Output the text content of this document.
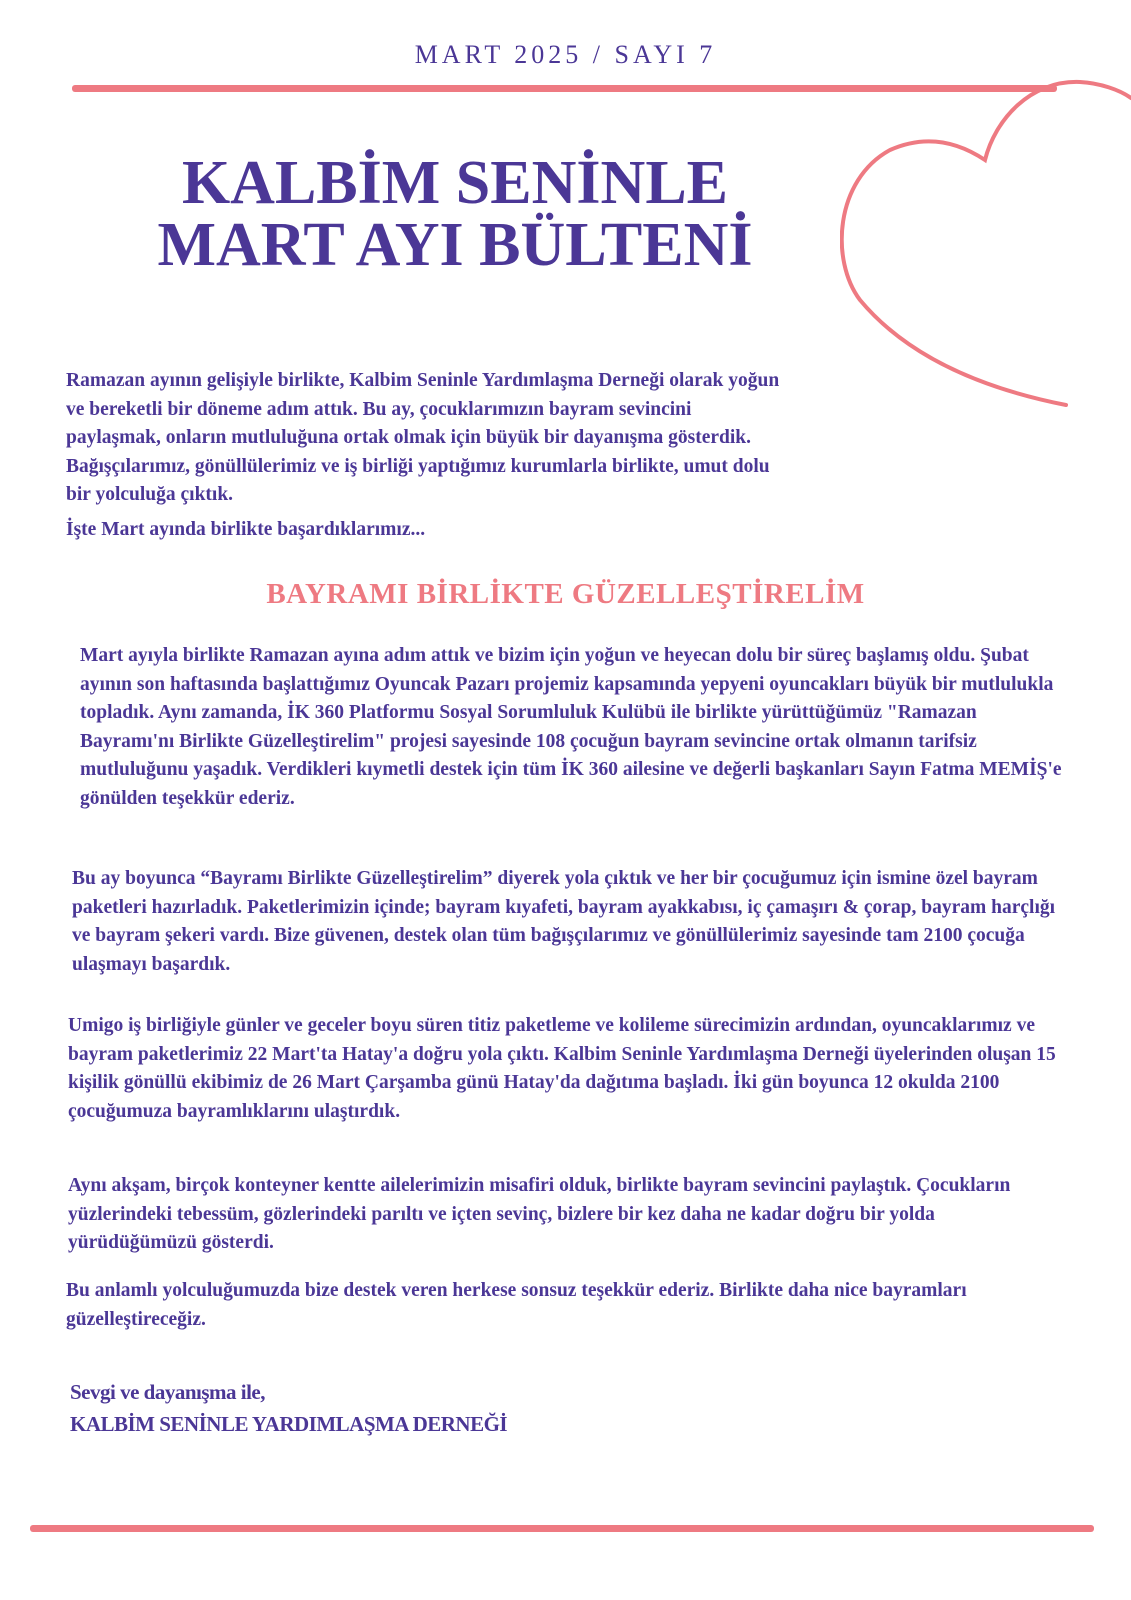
MART 2025 / SAYI 7
KALBİM SENİNLE
MART AYI BÜLTENİ

Ramazan ayının gelişiyle birlikte, Kalbim Seninle Yardımlaşma Derneği olarak yoğun ve bereketli bir döneme adım attık. Bu ay, çocuklarımızın bayram sevincini paylaşmak, onların mutluluğuna ortak olmak için büyük bir dayanışma gösterdik. Bağışçılarımız, gönüllülerimiz ve iş birliği yaptığımız kurumlarla birlikte, umut dolu bir yolculuğa çıktık.

İşte Mart ayında birlikte başardıklarımız...

BAYRAMI BİRLİKTE GÜZELLEŞTİRELİM

Mart ayıyla birlikte Ramazan ayına adım attık ve bizim için yoğun ve heyecan dolu bir süreç başlamış oldu. Şubat ayının son haftasında başlattığımız Oyuncak Pazarı projemiz kapsamında yepyeni oyuncakları büyük bir mutlulukla topladık. Aynı zamanda, İK 360 Platformu Sosyal Sorumluluk Kulübü ile birlikte yürüttüğümüz "Ramazan Bayramı'nı Birlikte Güzelleştirelim" projesi sayesinde 108 çocuğun bayram sevincine ortak olmanın tarifsiz mutluluğunu yaşadık. Verdikleri kıymetli destek için tüm İK 360 ailesine ve değerli başkanları Sayın Fatma MEMİŞ'e gönülden teşekkür ederiz.

Bu ay boyunca “Bayramı Birlikte Güzelleştirelim” diyerek yola çıktık ve her bir çocuğumuz için ismine özel bayram paketleri hazırladık. Paketlerimizin içinde; bayram kıyafeti, bayram ayakkabısı, iç çamaşırı & çorap, bayram harçlığı ve bayram şekeri vardı. Bize güvenen, destek olan tüm bağışçılarımız ve gönüllülerimiz sayesinde tam 2100 çocuğa ulaşmayı başardık.

Umigo iş birliğiyle günler ve geceler boyu süren titiz paketleme ve kolileme sürecimizin ardından, oyuncaklarımız ve bayram paketlerimiz 22 Mart'ta Hatay'a doğru yola çıktı. Kalbim Seninle Yardımlaşma Derneği üyelerinden oluşan 15 kişilik gönüllü ekibimiz de 26 Mart Çarşamba günü Hatay'da dağıtıma başladı. İki gün boyunca 12 okulda 2100 çocuğumuza bayramlıklarını ulaştırdık.

Aynı akşam, birçok konteyner kentte ailelerimizin misafiri olduk, birlikte bayram sevincini paylaştık. Çocukların yüzlerindeki tebessüm, gözlerindeki parıltı ve içten sevinç, bizlere bir kez daha ne kadar doğru bir yolda yürüdüğümüzü gösterdi.

Bu anlamlı yolculuğumuzda bize destek veren herkese sonsuz teşekkür ederiz. Birlikte daha nice bayramları güzelleştireceğiz.

Sevgi ve dayanışma ile,
KALBİM SENİNLE YARDIMLAŞMA DERNEĞİ
